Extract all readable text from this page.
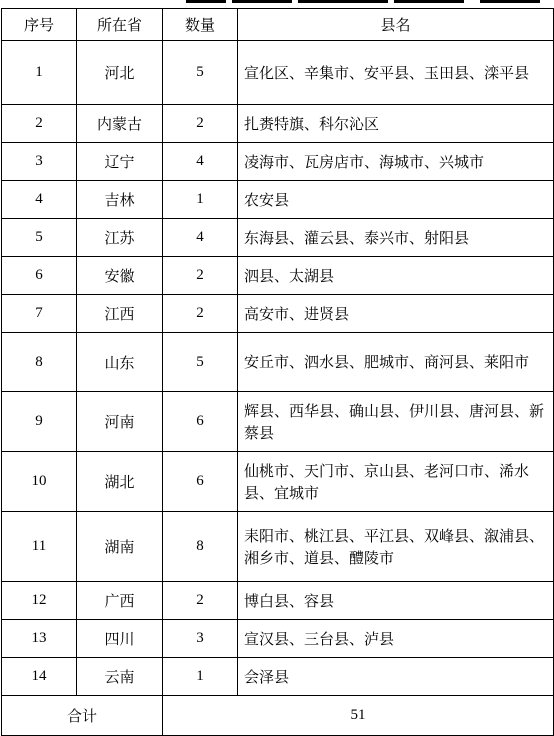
序号	所在省	数量	县名
1	河北	5	宣化区、辛集市、安平县、玉田县、滦平县
2	内蒙古	2	扎赉特旗、科尔沁区
3	辽宁	4	凌海市、瓦房店市、海城市、兴城市
4	吉林	1	农安县
5	江苏	4	东海县、灌云县、泰兴市、射阳县
6	安徽	2	泗县、太湖县
7	江西	2	高安市、进贤县
8	山东	5	安丘市、泗水县、肥城市、商河县、莱阳市
9	河南	6	辉县、西华县、确山县、伊川县、唐河县、新蔡县
10	湖北	6	仙桃市、天门市、京山县、老河口市、浠水县、宜城市
11	湖南	8	耒阳市、桃江县、平江县、双峰县、溆浦县、湘乡市、道县、醴陵市
12	广西	2	博白县、容县
13	四川	3	宣汉县、三台县、泸县
14	云南	1	会泽县
合计		51	
